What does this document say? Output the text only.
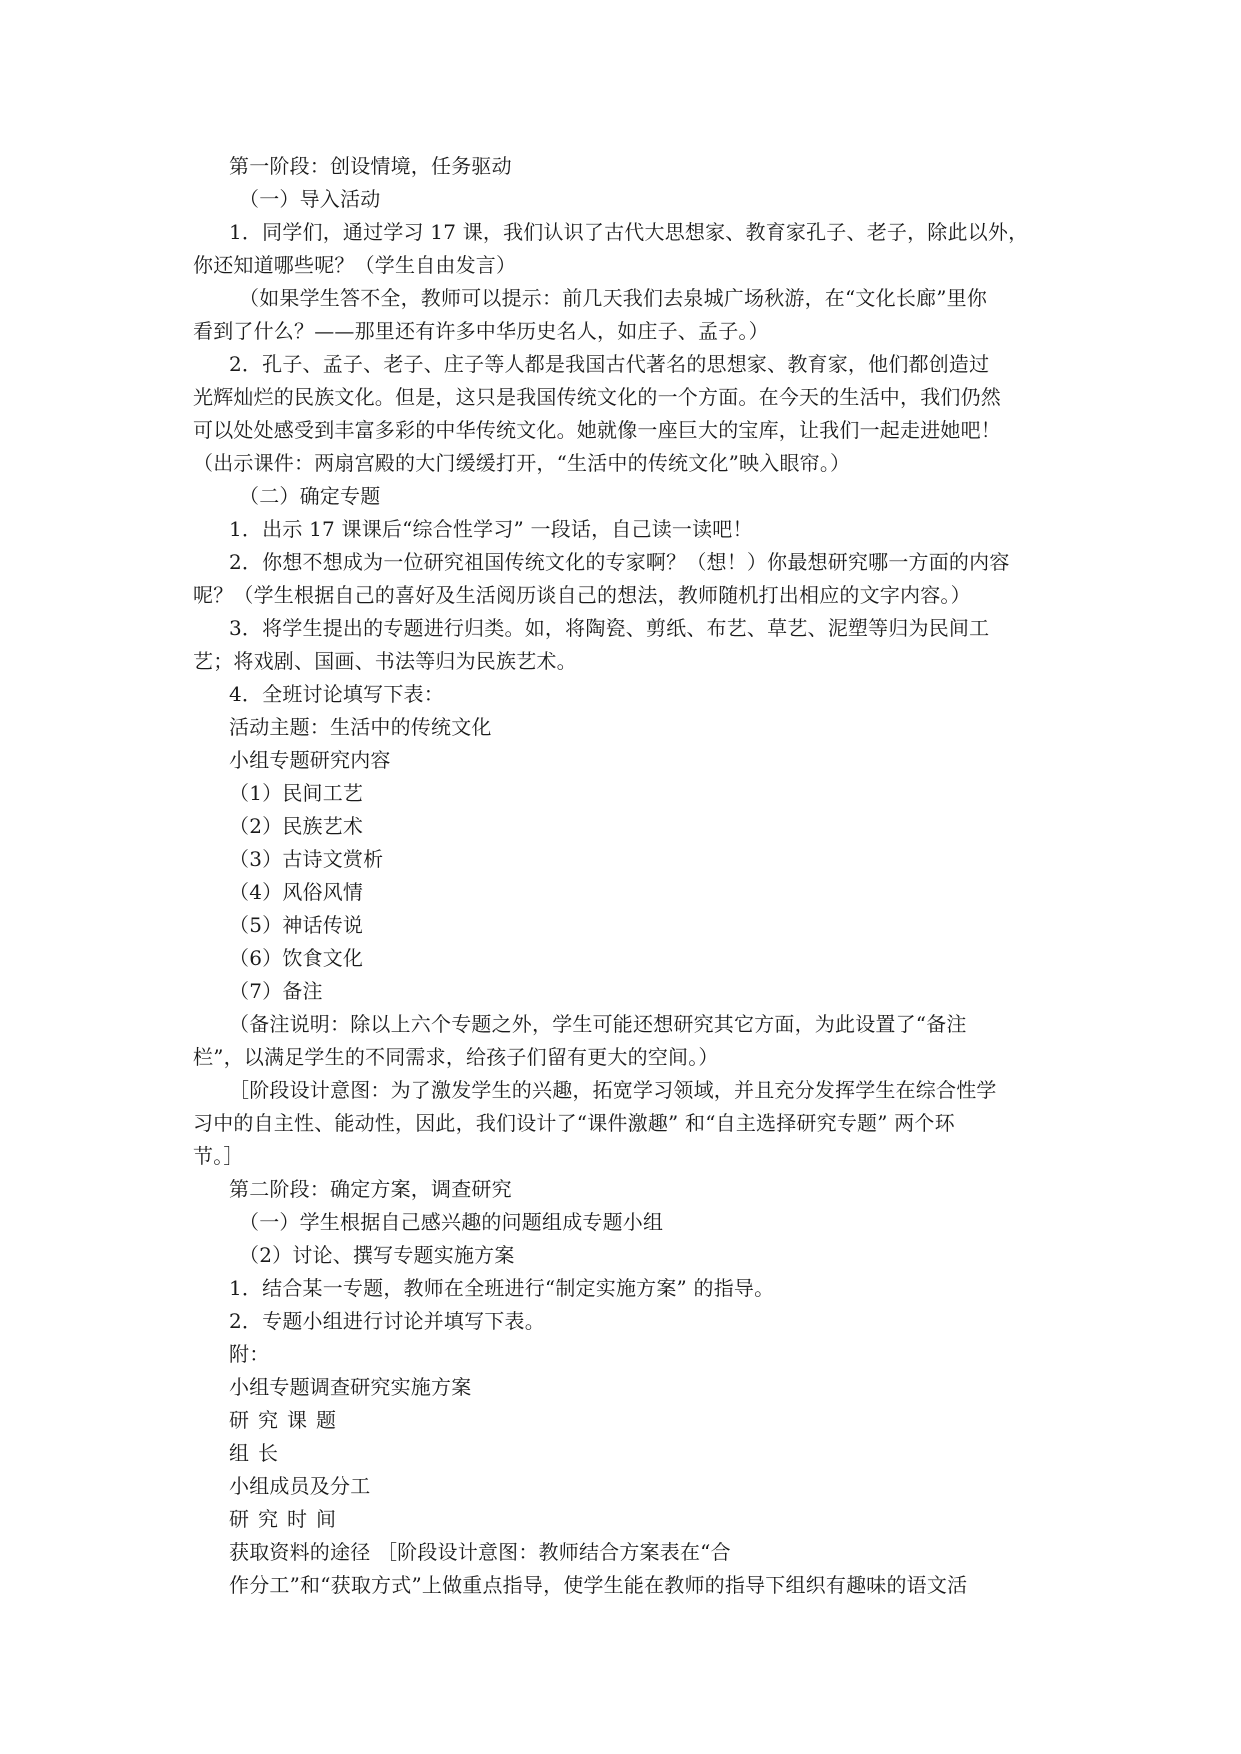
第一阶段：创设情境，任务驱动
（一）导入活动
1．同学们，通过学习 17 课，我们认识了古代大思想家、教育家孔子、老子，除此以外，
你还知道哪些呢？（学生自由发言）
（如果学生答不全，教师可以提示：前几天我们去泉城广场秋游，在“文化长廊”里你
看到了什么？——那里还有许多中华历史名人，如庄子、孟子。）
2．孔子、孟子、老子、庄子等人都是我国古代著名的思想家、教育家，他们都创造过
光辉灿烂的民族文化。但是，这只是我国传统文化的一个方面。在今天的生活中，我们仍然
可以处处感受到丰富多彩的中华传统文化。她就像一座巨大的宝库，让我们一起走进她吧！
（出示课件：两扇宫殿的大门缓缓打开，“生活中的传统文化”映入眼帘。）
（二）确定专题
1．出示 17 课课后“综合性学习” 一段话，自己读一读吧！
2．你想不想成为一位研究祖国传统文化的专家啊？（想！）你最想研究哪一方面的内容
呢？（学生根据自己的喜好及生活阅历谈自己的想法，教师随机打出相应的文字内容。）
3．将学生提出的专题进行归类。如，将陶瓷、剪纸、布艺、草艺、泥塑等归为民间工
艺；将戏剧、国画、书法等归为民族艺术。
4．全班讨论填写下表：
活动主题：生活中的传统文化
小组专题研究内容
（1）民间工艺
（2）民族艺术
（3）古诗文赏析
（4）风俗风情
（5）神话传说
（6）饮食文化
（7）备注
（备注说明：除以上六个专题之外，学生可能还想研究其它方面，为此设置了“备注
栏”，以满足学生的不同需求，给孩子们留有更大的空间。）
［阶段设计意图：为了激发学生的兴趣，拓宽学习领域，并且充分发挥学生在综合性学
习中的自主性、能动性，因此，我们设计了“课件激趣” 和“自主选择研究专题” 两个环
节。］
第二阶段：确定方案，调查研究
（一）学生根据自己感兴趣的问题组成专题小组
（2）讨论、撰写专题实施方案
1．结合某一专题，教师在全班进行“制定实施方案” 的指导。
2．专题小组进行讨论并填写下表。
附：
小组专题调查研究实施方案
研究课题
组长
小组成员及分工
研究时间
获取资料的途径 ［阶段设计意图：教师结合方案表在“合
作分工”和“获取方式”上做重点指导，使学生能在教师的指导下组织有趣味的语文活
